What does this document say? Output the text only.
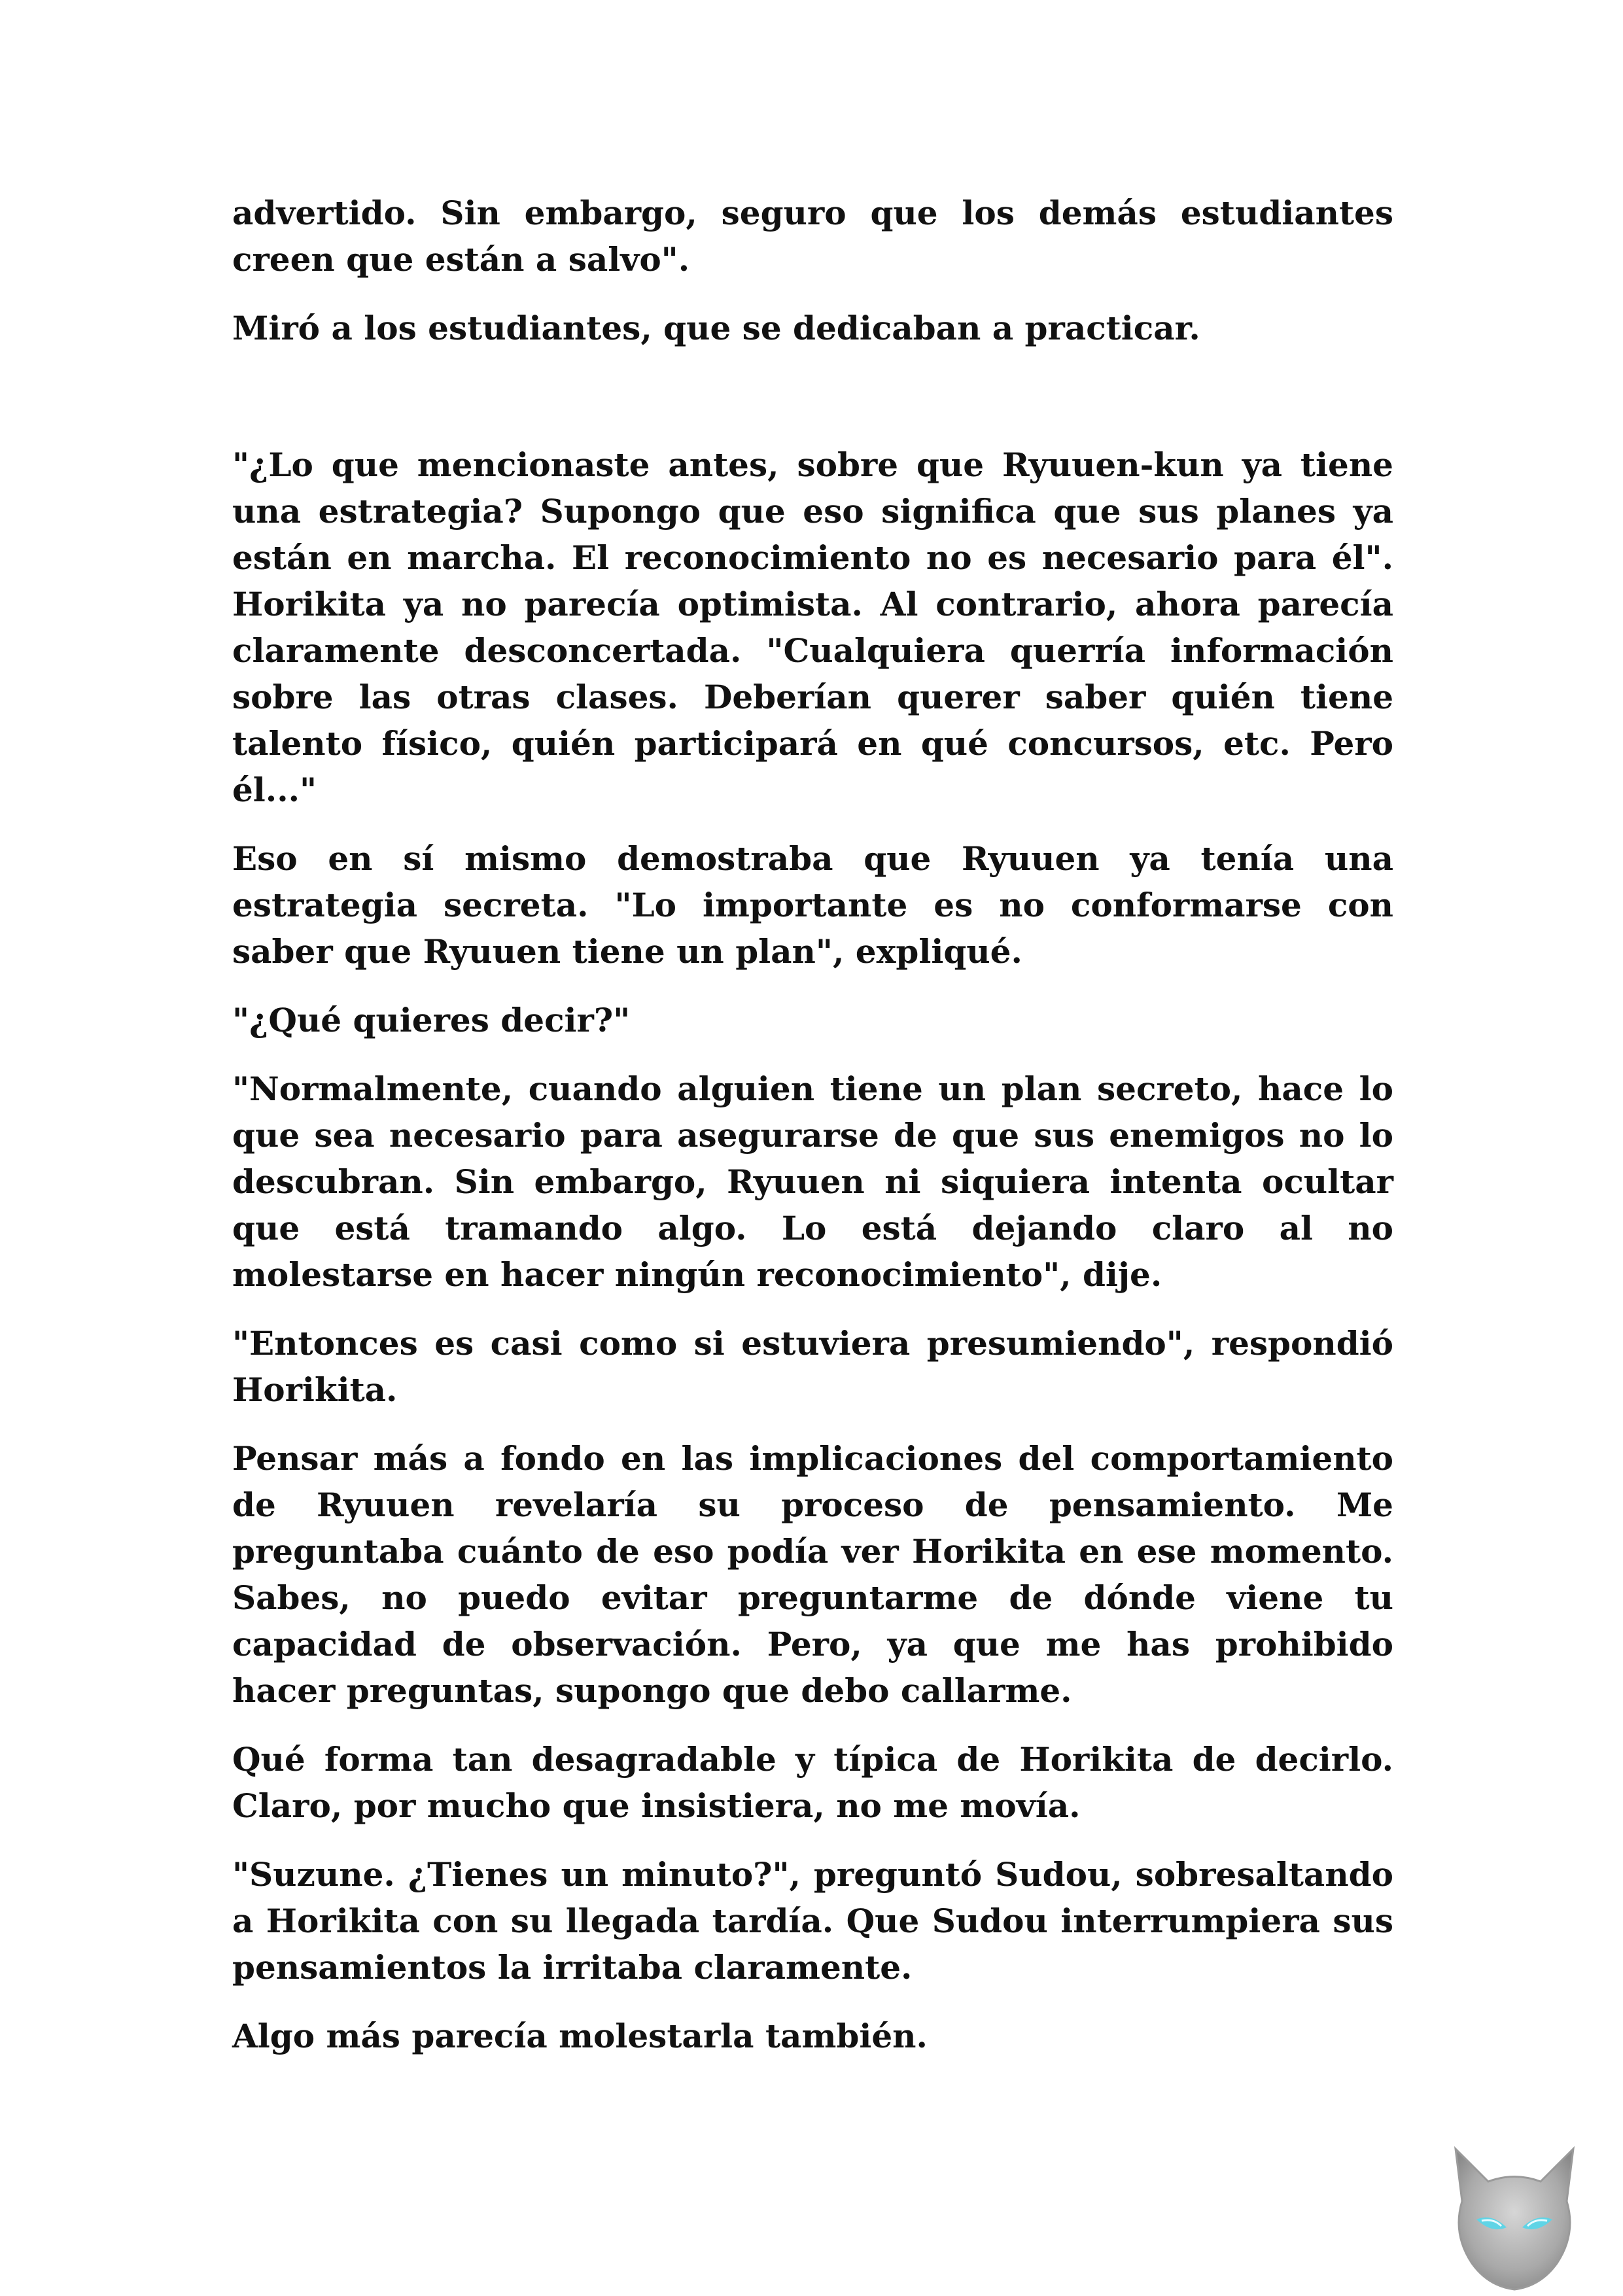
advertido. Sin embargo, seguro que los demás estudiantes creen que están a salvo".

Miró a los estudiantes, que se dedicaban a practicar.

"¿Lo que mencionaste antes, sobre que Ryuuen-kun ya tiene una estrategia? Supongo que eso significa que sus planes ya están en marcha. El reconocimiento no es necesario para él". Horikita ya no parecía optimista. Al contrario, ahora parecía claramente desconcertada. "Cualquiera querría información sobre las otras clases. Deberían querer saber quién tiene talento físico, quién participará en qué concursos, etc. Pero él..."

Eso en sí mismo demostraba que Ryuuen ya tenía una estrategia secreta. "Lo importante es no conformarse con saber que Ryuuen tiene un plan", expliqué.

"¿Qué quieres decir?"

"Normalmente, cuando alguien tiene un plan secreto, hace lo que sea necesario para asegurarse de que sus enemigos no lo descubran. Sin embargo, Ryuuen ni siquiera intenta ocultar que está tramando algo. Lo está dejando claro al no molestarse en hacer ningún reconocimiento", dije.

"Entonces es casi como si estuviera presumiendo", respondió Horikita.

Pensar más a fondo en las implicaciones del comportamiento de Ryuuen revelaría su proceso de pensamiento. Me preguntaba cuánto de eso podía ver Horikita en ese momento. Sabes, no puedo evitar preguntarme de dónde viene tu capacidad de observación. Pero, ya que me has prohibido hacer preguntas, supongo que debo callarme.

Qué forma tan desagradable y típica de Horikita de decirlo. Claro, por mucho que insistiera, no me movía.

"Suzune. ¿Tienes un minuto?", preguntó Sudou, sobresaltando a Horikita con su llegada tardía. Que Sudou interrumpiera sus pensamientos la irritaba claramente.

Algo más parecía molestarla también.
